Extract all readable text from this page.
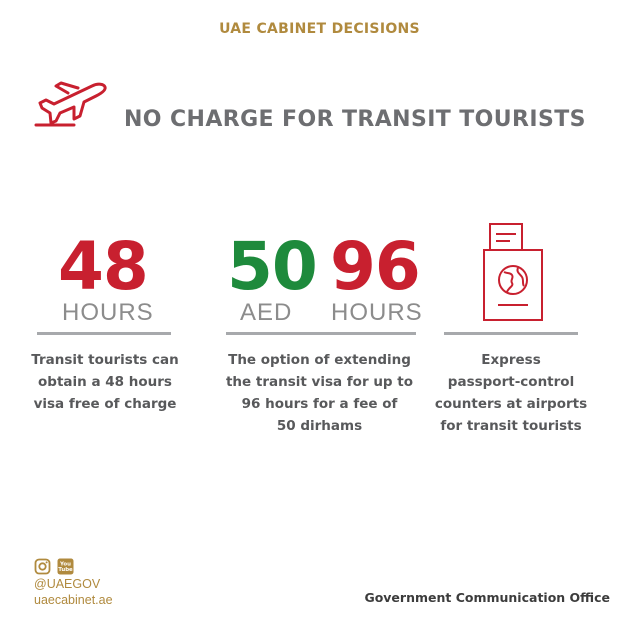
UAE CABINET DECISIONS
NO CHARGE FOR TRANSIT TOURISTS
48
HOURS
Transit tourists can
obtain a 48 hours
visa free of charge
50
AED
96
HOURS
The option of extending
the transit visa for up to
96 hours for a fee of
50 dirhams
Express
passport-control
counters at airports
for transit tourists
You Tube
@UAEGOV
uaecabinet.ae	Government Communication Office
